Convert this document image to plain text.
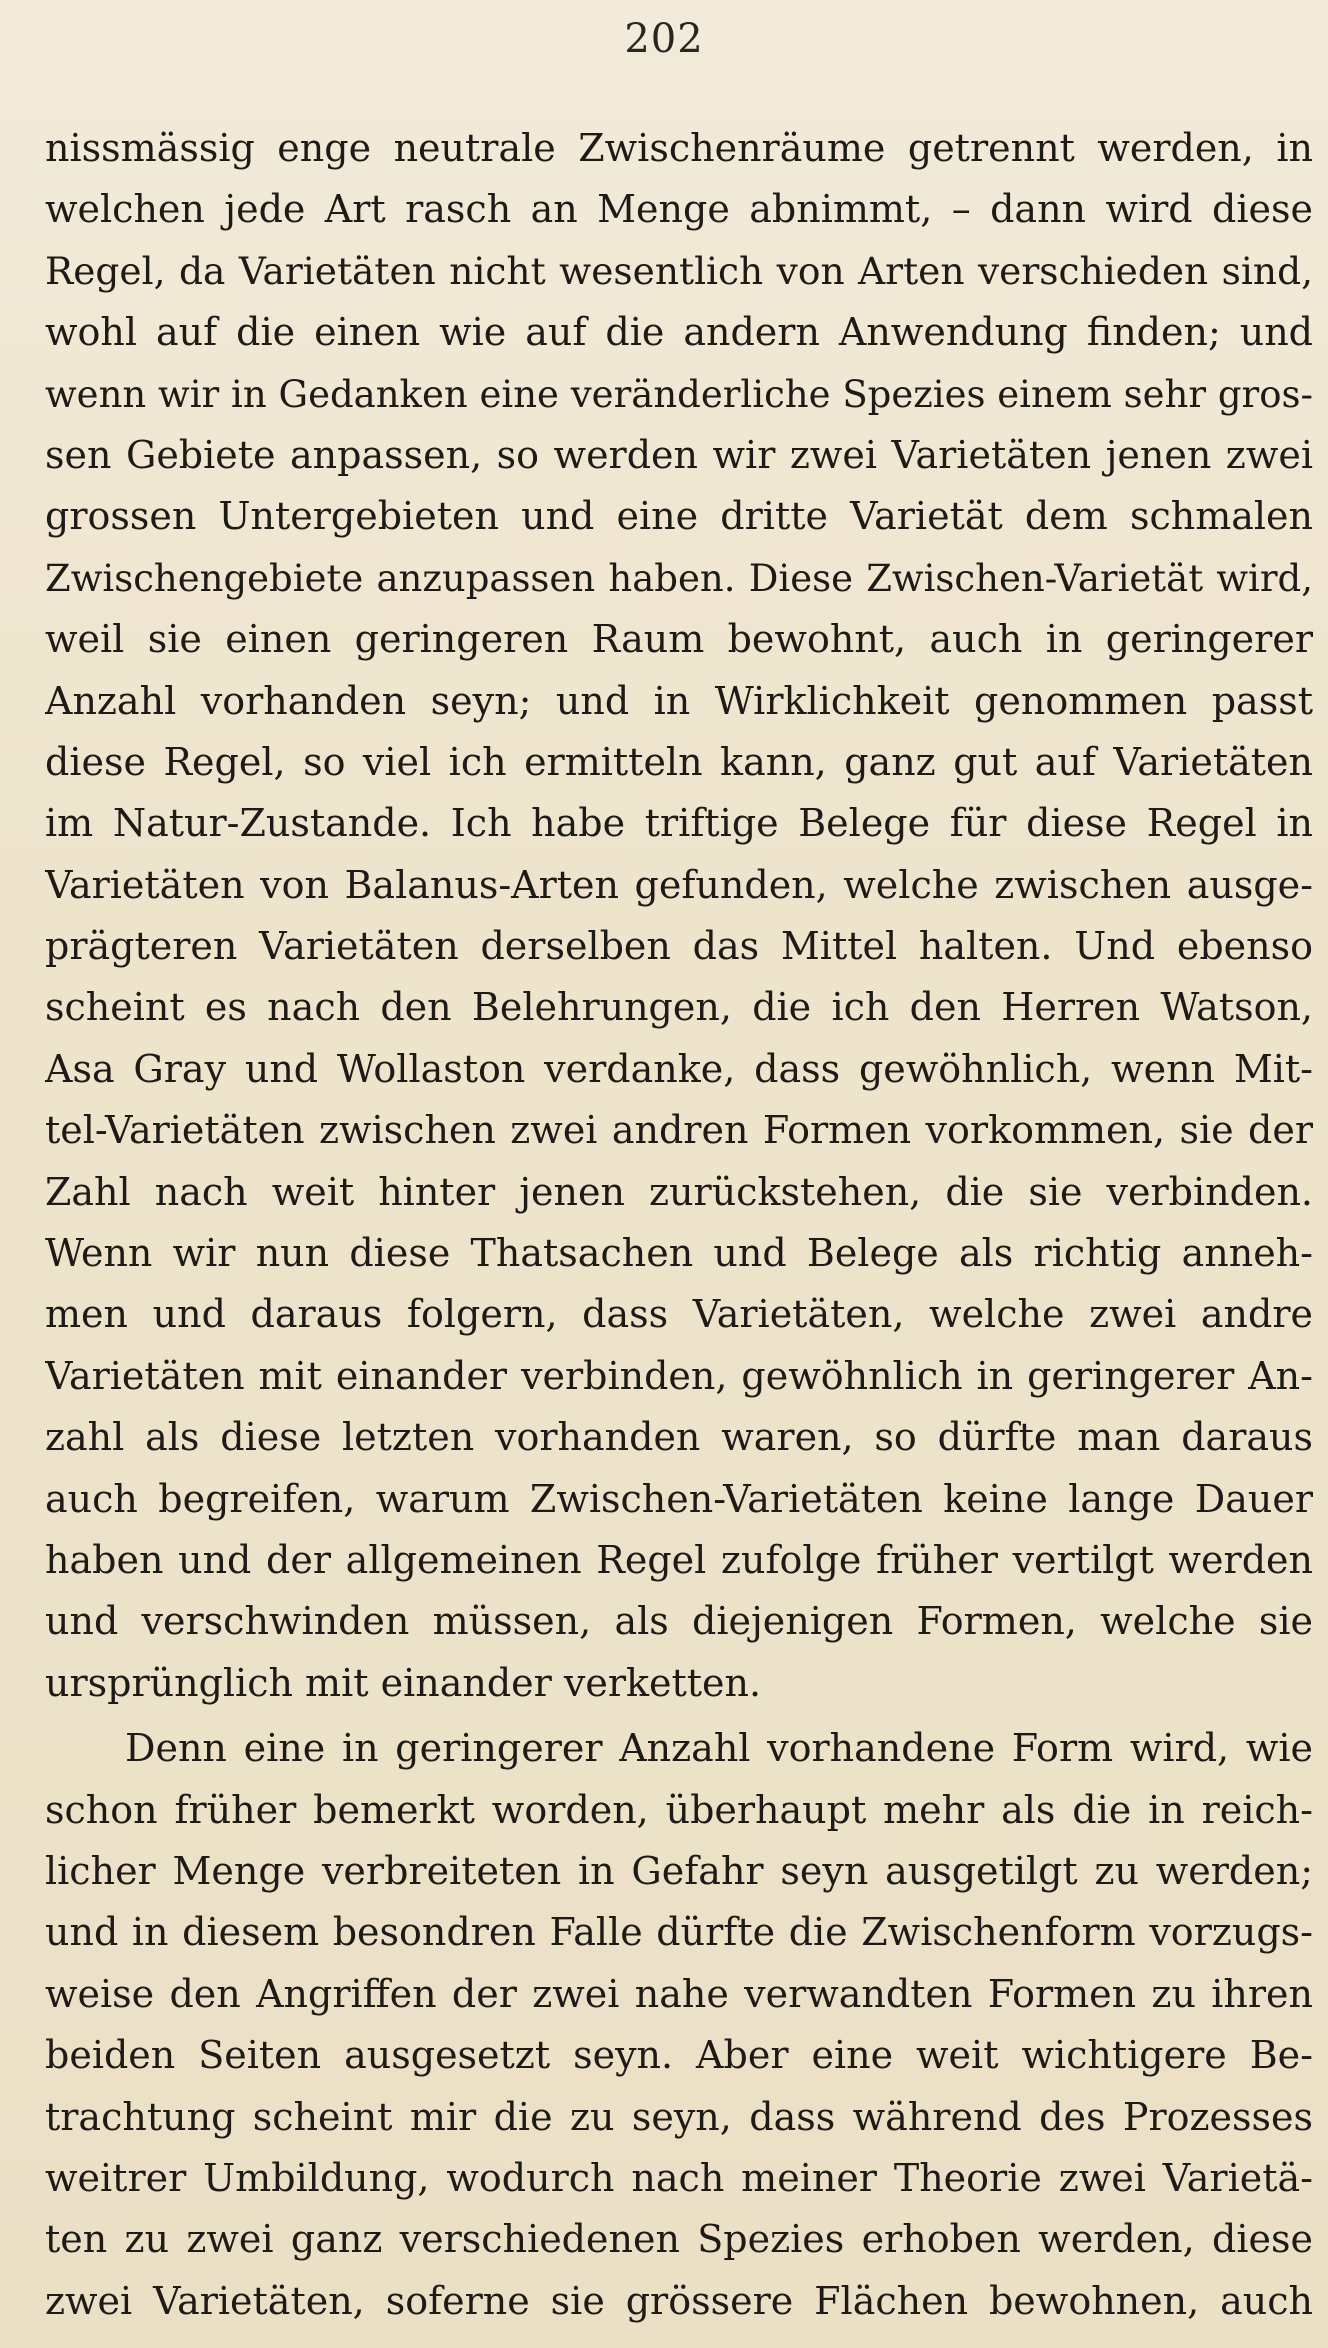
202
nissmässig enge neutrale Zwischenräume getrennt werden, in
welchen jede Art rasch an Menge abnimmt, – dann wird diese
Regel, da Varietäten nicht wesentlich von Arten verschieden sind,
wohl auf die einen wie auf die andern Anwendung finden; und
wenn wir in Gedanken eine veränderliche Spezies einem sehr gros-
sen Gebiete anpassen, so werden wir zwei Varietäten jenen zwei
grossen Untergebieten und eine dritte Varietät dem schmalen
Zwischengebiete anzupassen haben. Diese Zwischen-Varietät wird,
weil sie einen geringeren Raum bewohnt, auch in geringerer
Anzahl vorhanden seyn; und in Wirklichkeit genommen passt
diese Regel, so viel ich ermitteln kann, ganz gut auf Varietäten
im Natur-Zustande. Ich habe triftige Belege für diese Regel in
Varietäten von Balanus-Arten gefunden, welche zwischen ausge-
prägteren Varietäten derselben das Mittel halten. Und ebenso
scheint es nach den Belehrungen, die ich den Herren Watson,
Asa Gray und Wollaston verdanke, dass gewöhnlich, wenn Mit-
tel-Varietäten zwischen zwei andren Formen vorkommen, sie der
Zahl nach weit hinter jenen zurückstehen, die sie verbinden.
Wenn wir nun diese Thatsachen und Belege als richtig anneh-
men und daraus folgern, dass Varietäten, welche zwei andre
Varietäten mit einander verbinden, gewöhnlich in geringerer An-
zahl als diese letzten vorhanden waren, so dürfte man daraus
auch begreifen, warum Zwischen-Varietäten keine lange Dauer
haben und der allgemeinen Regel zufolge früher vertilgt werden
und verschwinden müssen, als diejenigen Formen, welche sie
ursprünglich mit einander verketten.
Denn eine in geringerer Anzahl vorhandene Form wird, wie
schon früher bemerkt worden, überhaupt mehr als die in reich-
licher Menge verbreiteten in Gefahr seyn ausgetilgt zu werden;
und in diesem besondren Falle dürfte die Zwischenform vorzugs-
weise den Angriffen der zwei nahe verwandten Formen zu ihren
beiden Seiten ausgesetzt seyn. Aber eine weit wichtigere Be-
trachtung scheint mir die zu seyn, dass während des Prozesses
weitrer Umbildung, wodurch nach meiner Theorie zwei Varietä-
ten zu zwei ganz verschiedenen Spezies erhoben werden, diese
zwei Varietäten, soferne sie grössere Flächen bewohnen, auch
